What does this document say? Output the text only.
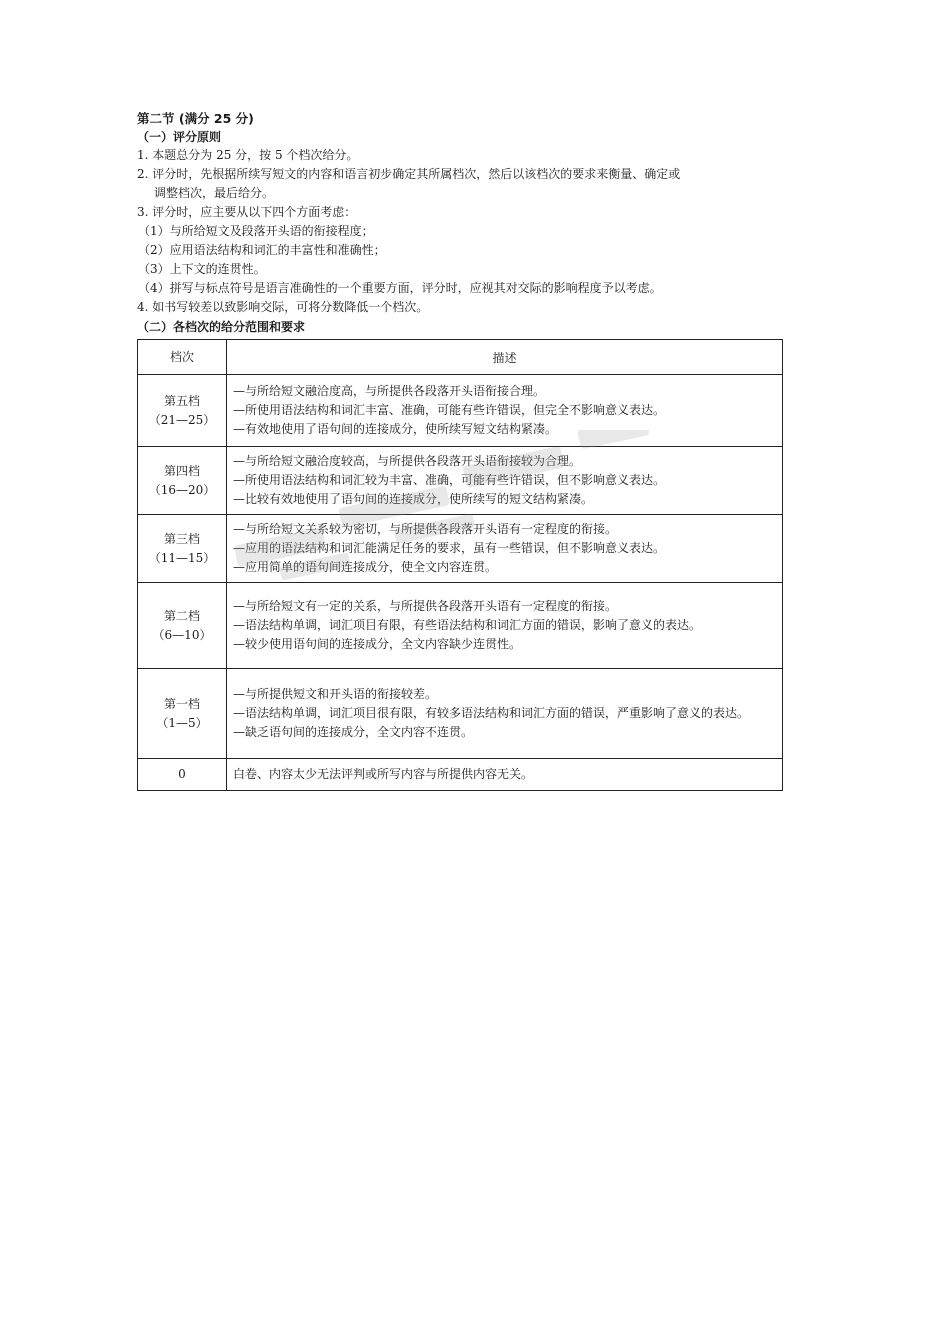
第二节 (满分 25 分)

（一）评分原则

1. 本题总分为 25 分，按 5 个档次给分。

2. 评分时，先根据所续写短文的内容和语言初步确定其所属档次，然后以该档次的要求来衡量、确定或

调整档次，最后给分。

3. 评分时，应主要从以下四个方面考虑：

（1）与所给短文及段落开头语的衔接程度；

（2）应用语法结构和词汇的丰富性和准确性；

（3）上下文的连贯性。

（4）拼写与标点符号是语言准确性的一个重要方面，评分时，应视其对交际的影响程度予以考虑。

4. 如书写较差以致影响交际，可将分数降低一个档次。

（二）各档次的给分范围和要求

档次	描述

第五档
（21—25）	—与所给短文融洽度高，与所提供各段落开头语衔接合理。
—所使用语法结构和词汇丰富、准确，可能有些许错误，但完全不影响意义表达。
—有效地使用了语句间的连接成分，使所续写短文结构紧凑。

第四档
（16—20）	—与所给短文融洽度较高，与所提供各段落开头语衔接较为合理。
—所使用语法结构和词汇较为丰富、准确，可能有些许错误，但不影响意义表达。
—比较有效地使用了语句间的连接成分，使所续写的短文结构紧凑。

第三档
（11—15）	—与所给短文关系较为密切，与所提供各段落开头语有一定程度的衔接。
—应用的语法结构和词汇能满足任务的要求，虽有一些错误，但不影响意义表达。
—应用简单的语句间连接成分，使全文内容连贯。

第二档
（6—10）	—与所给短文有一定的关系，与所提供各段落开头语有一定程度的衔接。
—语法结构单调，词汇项目有限，有些语法结构和词汇方面的错误，影响了意义的表达。
—较少使用语句间的连接成分，全文内容缺少连贯性。

第一档
（1—5）	—与所提供短文和开头语的衔接较差。
—语法结构单调，词汇项目很有限，有较多语法结构和词汇方面的错误，严重影响了意义的表达。
—缺乏语句间的连接成分，全文内容不连贯。

0	白卷、内容太少无法评判或所写内容与所提供内容无关。
